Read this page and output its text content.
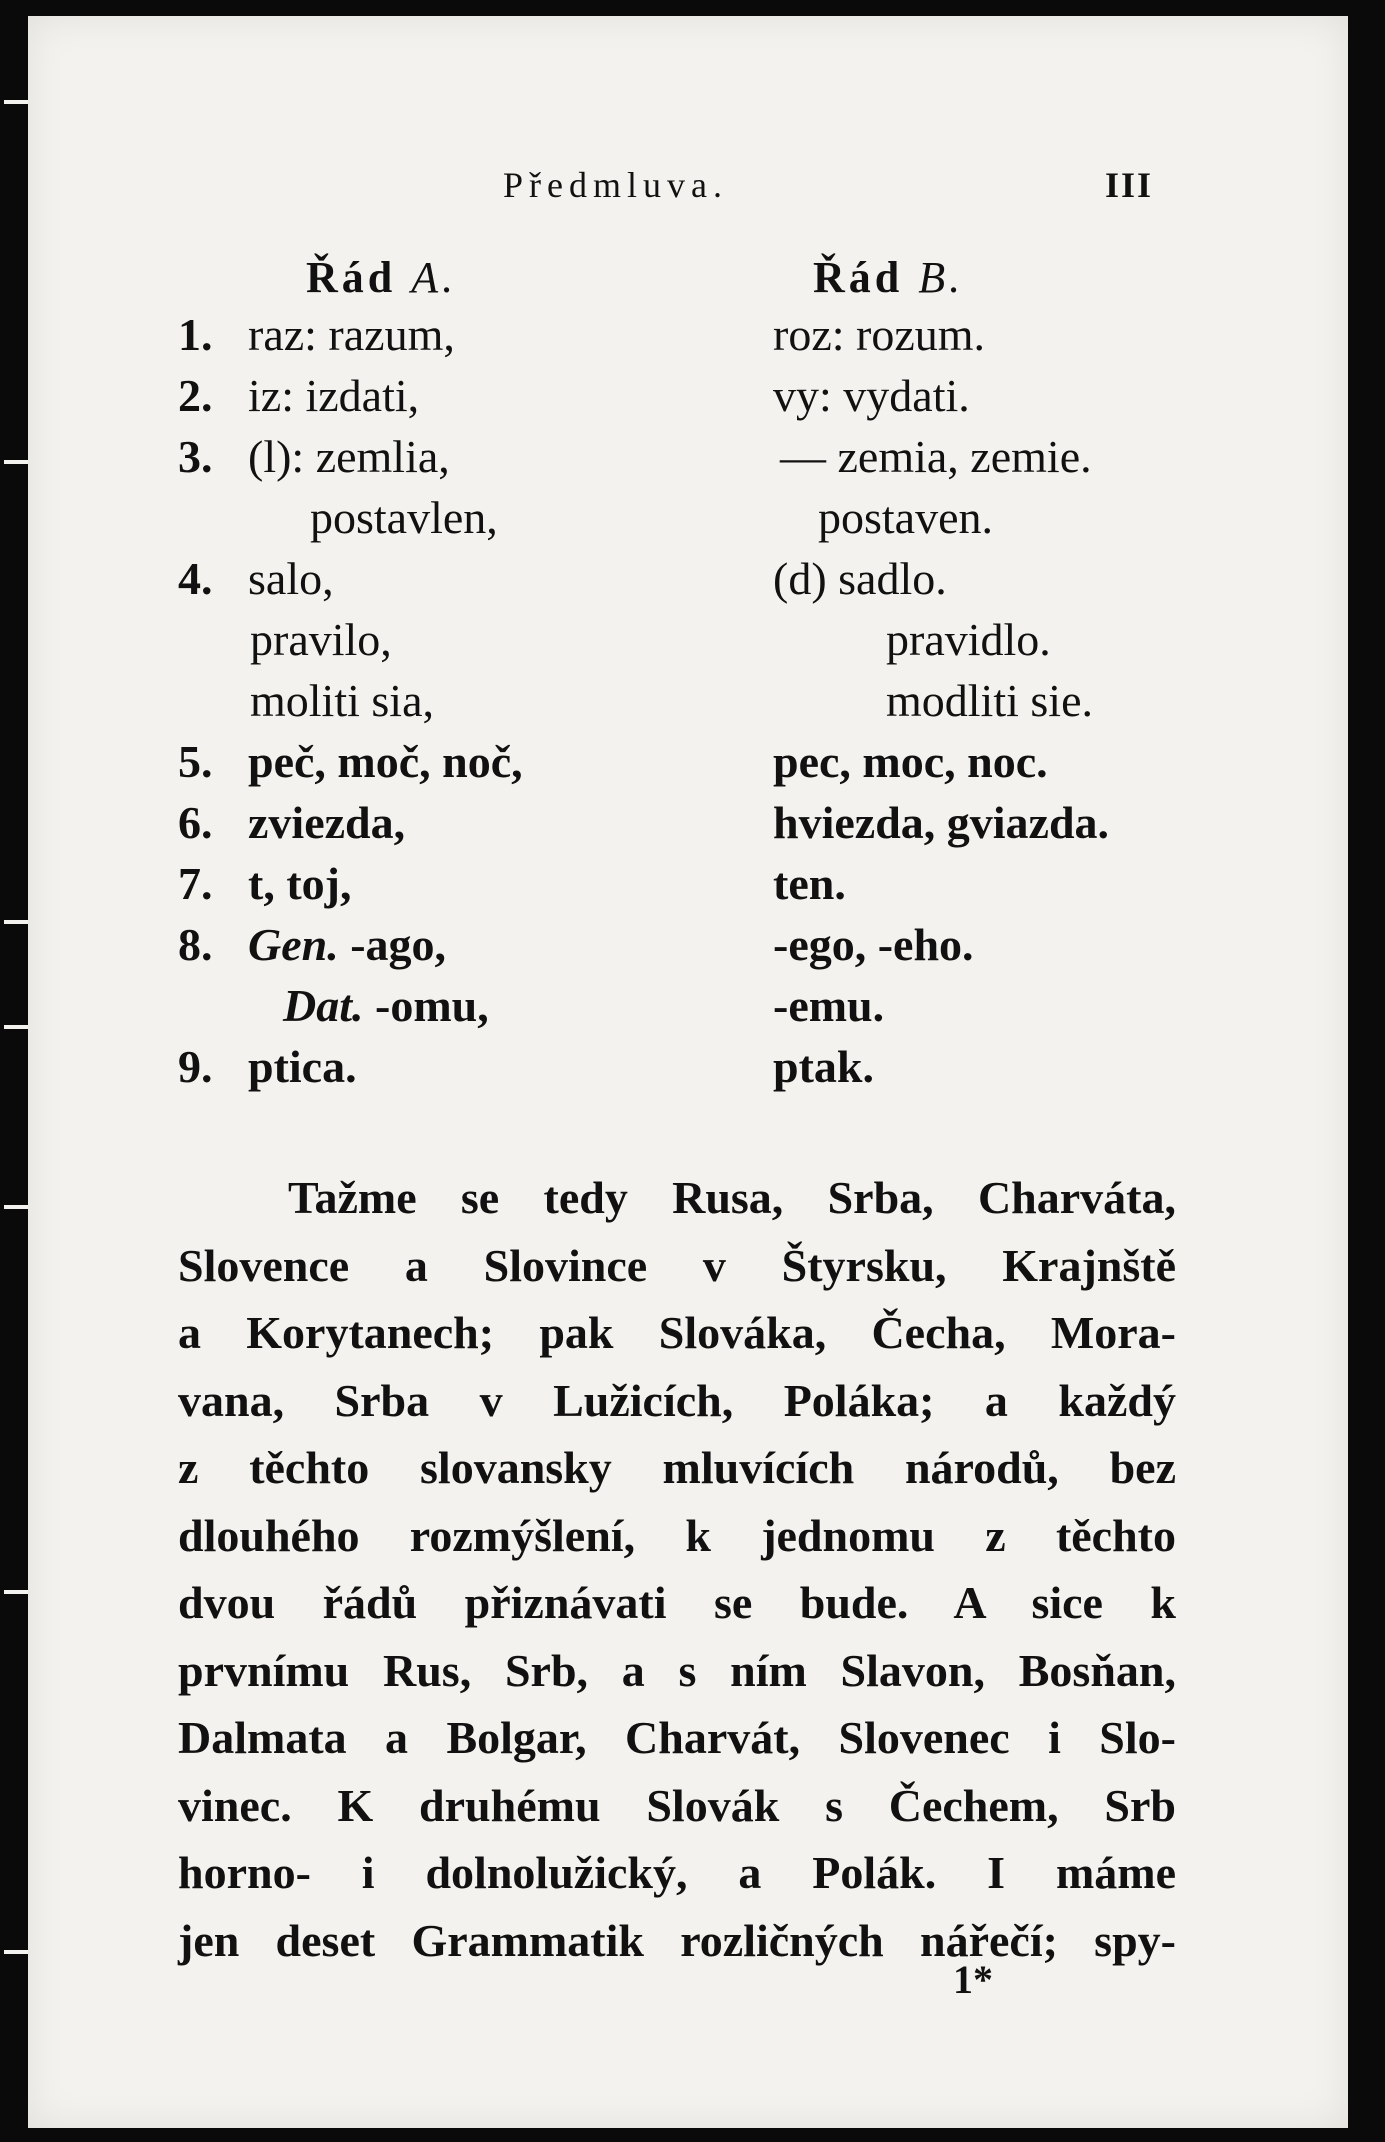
Předmluva.	III
Řád A.	Řád B.
1. raz: razum,	roz: rozum.
2. iz: izdati,	vy: vydati.
3. (l): zemlia,	— zemia, zemie.
postavlen,	postaven.
4. salo,	(d) sadlo.
pravilo,	pravidlo.
moliti sia,	modliti sie.
5. peč, moč, noč,	pec, moc, noc.
6. zviezda,	hviezda, gviazda.
7. t, toj,	ten.
8. Gen. -ago,	-ego, -eho.
Dat. -omu,	-emu.
9. ptica.	ptak.
Tažme se tedy Rusa, Srba, Charváta,
Slovence a Slovince v Štyrsku, Krajnště
a Korytanech; pak Slováka, Čecha, Mora-
vana, Srba v Lužicích, Poláka; a každý
z těchto slovansky mluvících národů, bez
dlouhého rozmýšlení, k jednomu z těchto
dvou řádů přiznávati se bude. A sice k
prvnímu Rus, Srb, a s ním Slavon, Bosňan,
Dalmata a Bolgar, Charvát, Slovenec i Slo-
vinec. K druhému Slovák s Čechem, Srb
horno- i dolnolužický, a Polák. I máme
jen deset Grammatik rozličných nářečí; spy-
1*
